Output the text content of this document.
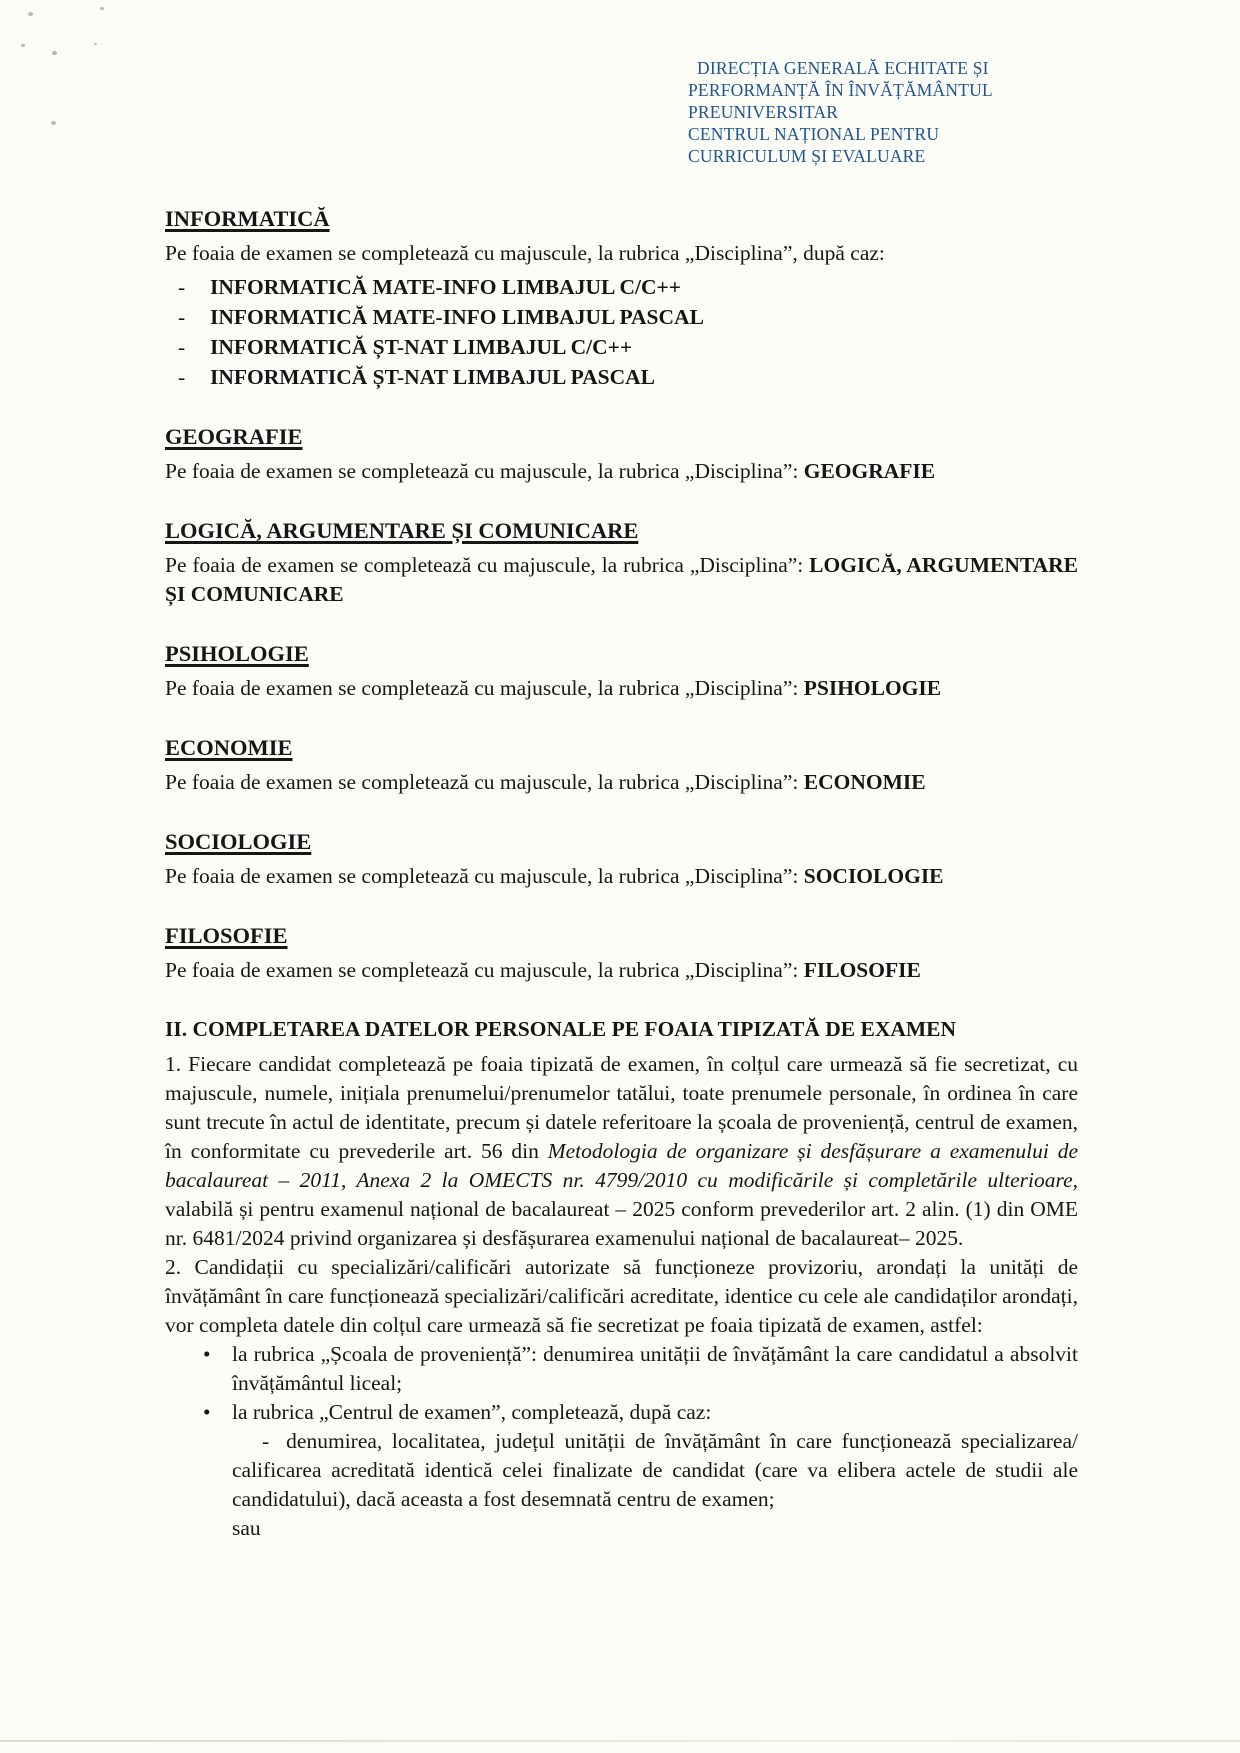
DIRECȚIA GENERALĂ ECHITATE ȘI
PERFORMANȚĂ ÎN ÎNVĂȚĂMÂNTUL
PREUNIVERSITAR
CENTRUL NAȚIONAL PENTRU
CURRICULUM ȘI EVALUARE
INFORMATICĂ

Pe foaia de examen se completează cu majuscule, la rubrica „Disciplina”, după caz:

- INFORMATICĂ MATE-INFO LIMBAJUL C/C++
- INFORMATICĂ MATE-INFO LIMBAJUL PASCAL
- INFORMATICĂ ȘT-NAT LIMBAJUL C/C++
- INFORMATICĂ ȘT-NAT LIMBAJUL PASCAL
GEOGRAFIE

Pe foaia de examen se completează cu majuscule, la rubrica „Disciplina”: GEOGRAFIE

LOGICĂ, ARGUMENTARE ȘI COMUNICARE

Pe foaia de examen se completează cu majuscule, la rubrica „Disciplina”: LOGICĂ, ARGUMENTARE ȘI COMUNICARE

PSIHOLOGIE

Pe foaia de examen se completează cu majuscule, la rubrica „Disciplina”: PSIHOLOGIE

ECONOMIE

Pe foaia de examen se completează cu majuscule, la rubrica „Disciplina”: ECONOMIE

SOCIOLOGIE

Pe foaia de examen se completează cu majuscule, la rubrica „Disciplina”: SOCIOLOGIE

FILOSOFIE

Pe foaia de examen se completează cu majuscule, la rubrica „Disciplina”: FILOSOFIE

II. COMPLETAREA DATELOR PERSONALE PE FOAIA TIPIZATĂ DE EXAMEN

1. Fiecare candidat completează pe foaia tipizată de examen, în colțul care urmează să fie secretizat, cu majuscule, numele, inițiala prenumelui/prenumelor tatălui, toate prenumele personale, în ordinea în care sunt trecute în actul de identitate, precum și datele referitoare la școala de proveniență, centrul de examen, în conformitate cu prevederile art. 56 din Metodologia de organizare și desfășurare a examenului de bacalaureat – 2011, Anexa 2 la OMECTS nr. 4799/2010 cu modificările și completările ulterioare, valabilă și pentru examenul național de bacalaureat – 2025 conform prevederilor art. 2 alin. (1) din OME nr. 6481/2024 privind organizarea și desfășurarea examenului național de bacalaureat– 2025.

2. Candidații cu specializări/calificări autorizate să funcționeze provizoriu, arondați la unități de învățământ în care funcționează specializări/calificări acreditate, identice cu cele ale candidaților arondați, vor completa datele din colțul care urmează să fie secretizat pe foaia tipizată de examen, astfel:

• la rubrica „Școala de proveniență”: denumirea unității de învățământ la care candidatul a absolvit învățământul liceal;
• la rubrica „Centrul de examen”, completează, după caz:
- denumirea, localitatea, județul unității de învățământ în care funcționează specializarea/ calificarea acreditată identică celei finalizate de candidat (care va elibera actele de studii ale candidatului), dacă aceasta a fost desemnată centru de examen;
sau
